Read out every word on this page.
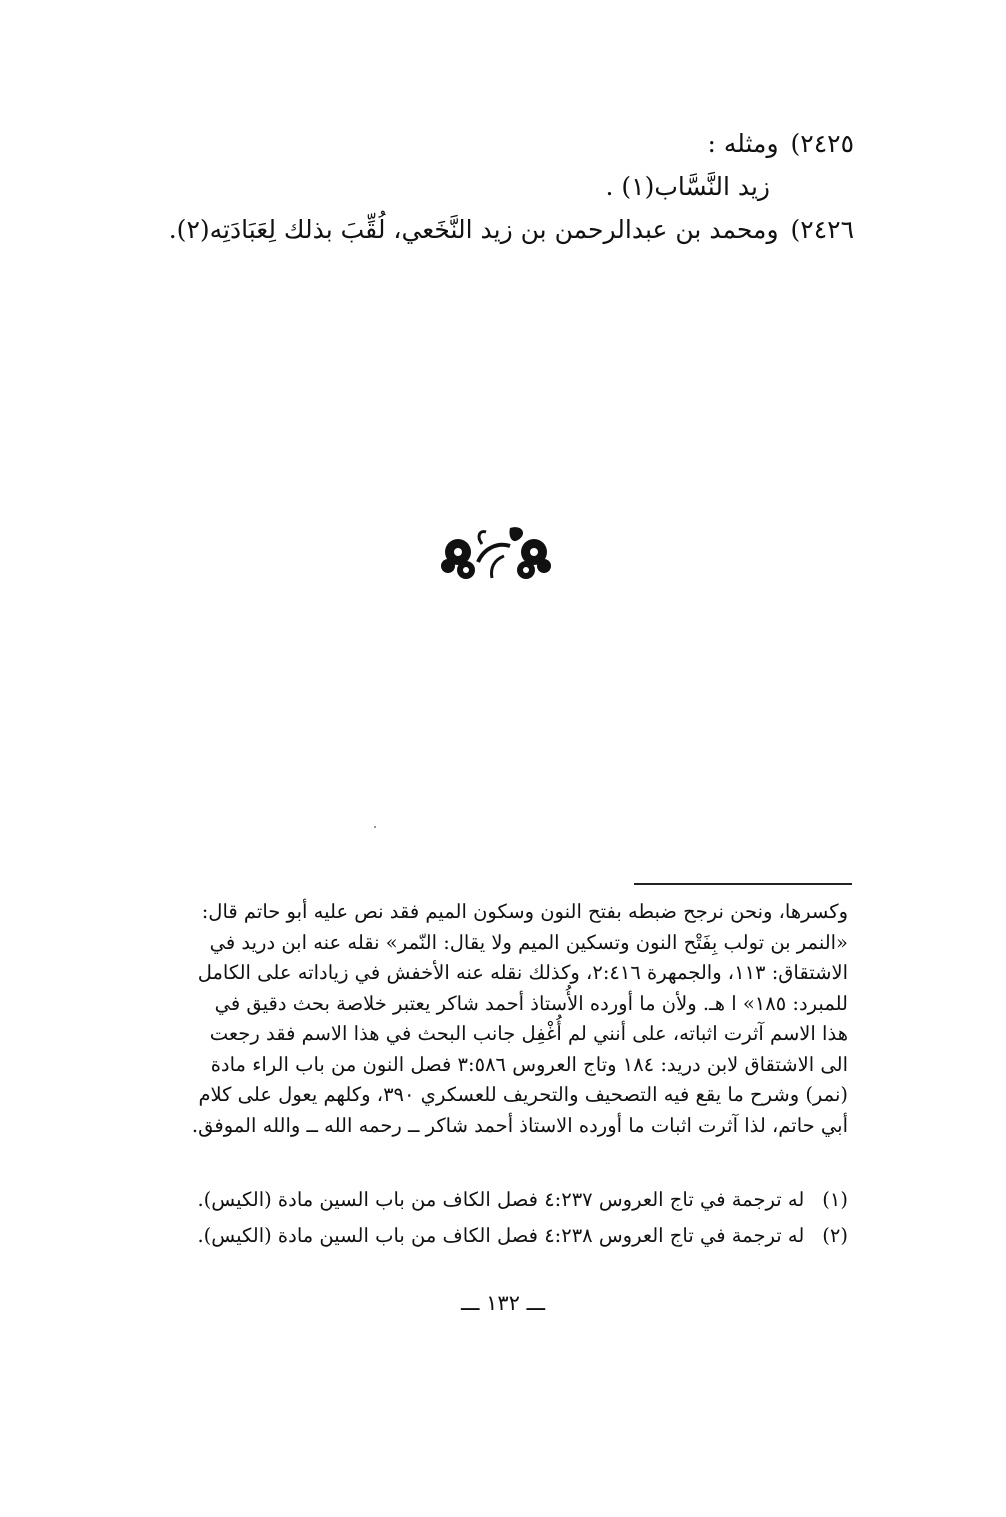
٢٤٢٥)ومثله :
زيد النَّسَّاب(١) .
٢٤٢٦)ومحمد بن عبدالرحمن بن زيد النَّخَعي، لُقِّبَ بذلك لِعَبَادَتِه(٢).

وكسرها، ونحن نرجح ضبطه بفتح النون وسكون الميم فقد نص عليه أبو حاتم قال:

«النمر بن تولب بِفَتْح النون وتسكين الميم ولا يقال: النّمر» نقله عنه ابن دريد في

الاشتقاق: ١١٣، والجمهرة ٢:٤١٦، وكذلك نقله عنه الأخفش في زياداته على الكامل

للمبرد: ١٨٥» ا هـ. ولأن ما أورده الأُستاذ أحمد شاكر يعتبر خلاصة بحث دقيق في

هذا الاسم آثرت اثباته، على أنني لم أُغْفِل جانب البحث في هذا الاسم فقد رجعت

الى الاشتقاق لابن دريد: ١٨٤ وتاج العروس ٣:٥٨٦ فصل النون من باب الراء مادة

(نمر) وشرح ما يقع فيه التصحيف والتحريف للعسكري ٣٩٠، وكلهم يعول على كلام

أبي حاتم، لذا آثرت اثبات ما أورده الاستاذ أحمد شاكر ــ رحمه الله ــ والله الموفق.

(١)له ترجمة في تاج العروس ٤:٢٣٧ فصل الكاف من باب السين مادة (الكيس).
(٢)له ترجمة في تاج العروس ٤:٢٣٨ فصل الكاف من باب السين مادة (الكيس).
ـــ ١٣٢ ـــ
